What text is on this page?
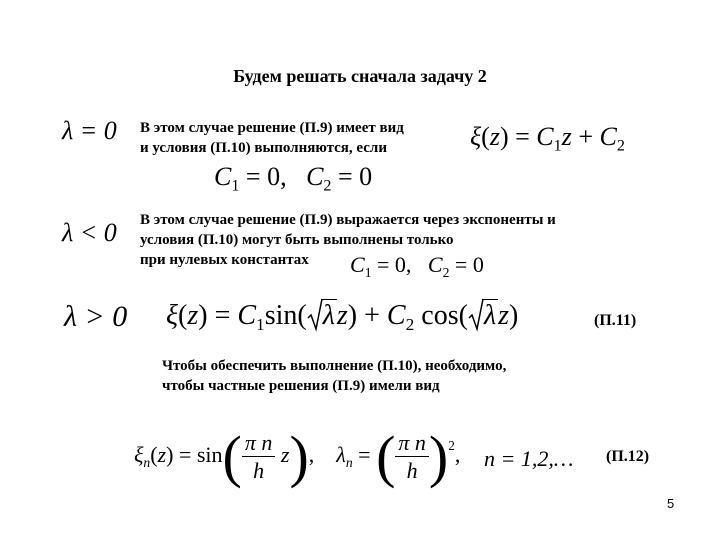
Будем решать сначала задачу 2
λ = 0 В этом случае решение (П.9) имеет вид
и условия (П.10) выполняются, если	$\xi(z) = C_1z + C_2$
$C_1 = 0$,   $C_2 = 0$
λ < 0 В этом случае решение (П.9) выражается через экспоненты и
условия (П.10) могут быть выполнены только
при нулевых константах $C_1 = 0$,   $C_2 = 0$
λ > 0 $\xi(z) = C_1\sin$( $\lambda z) + C_2$ cos( λz)	(П.11)
Чтобы обеспечить выполнение (П.10), необходимо,
чтобы частные решения (П.9) имели вид
$\xi_n(z) = \sin( \frac{\text{π n}}{h} z)$,    $\lambda_n$ = ( $\frac{\text{π n}}{h} )^2$, n = 1,2,… (П.12)
5
